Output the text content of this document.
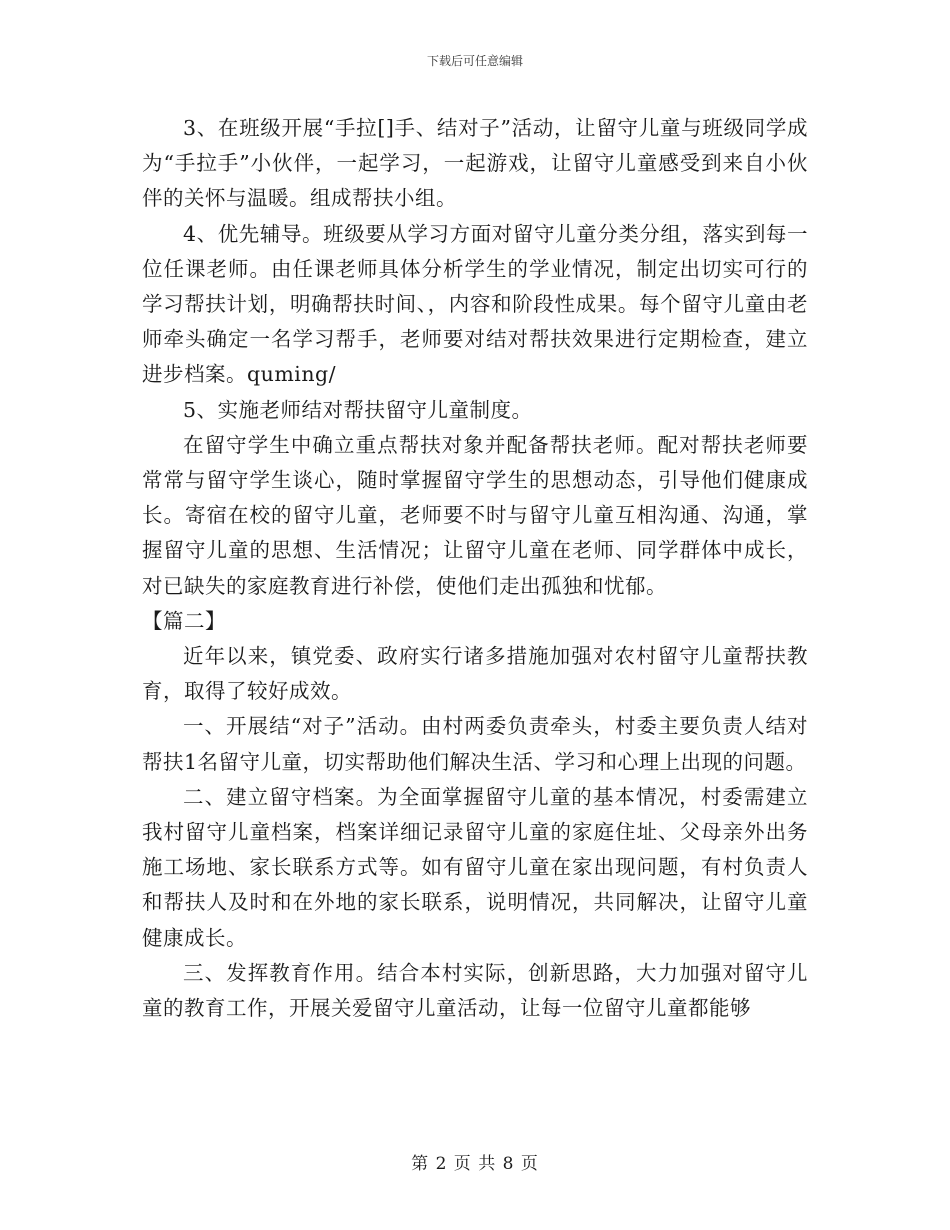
下载后可任意编辑

3、在班级开展“手拉[]手、结对子”活动，让留守儿童与班级同学成为“手拉手”小伙伴，一起学习，一起游戏，让留守儿童感受到来自小伙伴的关怀与温暖。组成帮扶小组。

4、优先辅导。班级要从学习方面对留守儿童分类分组，落实到每一位任课老师。由任课老师具体分析学生的学业情况，制定出切实可行的学习帮扶计划，明确帮扶时间、，内容和阶段性成果。每个留守儿童由老师牵头确定一名学习帮手，老师要对结对帮扶效果进行定期检查，建立进步档案。quming/

5、实施老师结对帮扶留守儿童制度。

在留守学生中确立重点帮扶对象并配备帮扶老师。配对帮扶老师要常常与留守学生谈心，随时掌握留守学生的思想动态，引导他们健康成长。寄宿在校的留守儿童，老师要不时与留守儿童互相沟通、沟通，掌握留守儿童的思想、生活情况；让留守儿童在老师、同学群体中成长，对已缺失的家庭教育进行补偿，使他们走出孤独和忧郁。

【篇二】

近年以来，镇党委、政府实行诸多措施加强对农村留守儿童帮扶教育，取得了较好成效。

一、开展结“对子”活动。由村两委负责牵头，村委主要负责人结对帮扶1名留守儿童，切实帮助他们解决生活、学习和心理上出现的问题。

二、建立留守档案。为全面掌握留守儿童的基本情况，村委需建立我村留守儿童档案，档案详细记录留守儿童的家庭住址、父母亲外出务施工场地、家长联系方式等。如有留守儿童在家出现问题，有村负责人和帮扶人及时和在外地的家长联系，说明情况，共同解决，让留守儿童健康成长。

三、发挥教育作用。结合本村实际，创新思路，大力加强对留守儿童的教育工作，开展关爱留守儿童活动，让每一位留守儿童都能够

第 2 页 共 8 页
